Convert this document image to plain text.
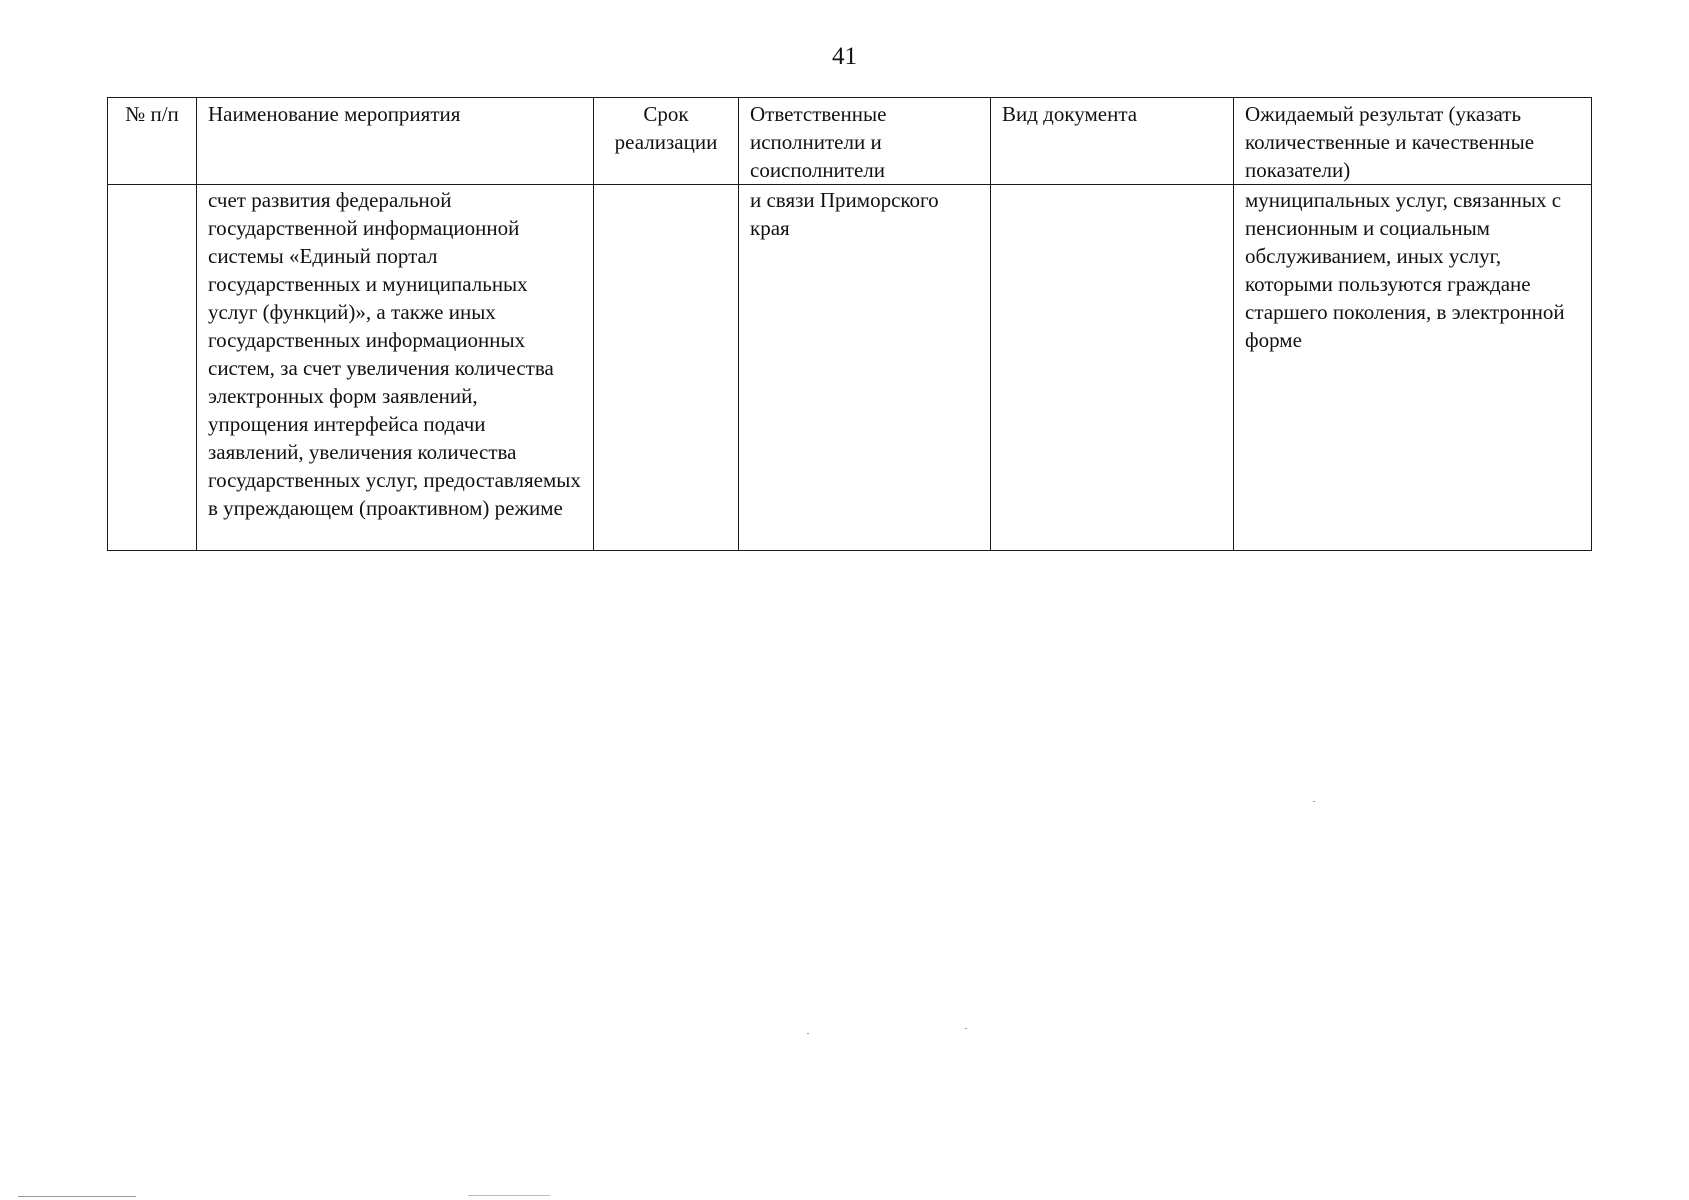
41
№ п/п	Наименование мероприятия	Срок реализации	Ответственные исполнители и соисполнители	Вид документа	Ожидаемый результат (указать количественные и качественные показатели)
	счет развития федеральной государственной информационной системы «Единый портал государственных и муниципальных услуг (функций)», а также иных государственных информационных систем, за счет увеличения количества электронных форм заявлений, упрощения интерфейса подачи заявлений, увеличения количества государственных услуг, предоставляемых в упреждающем (проактивном) режиме		и связи Приморского края		муниципальных услуг, связанных с пенсионным и социальным обслуживанием, иных услуг, которыми пользуются граждане старшего поколения, в электронной форме
